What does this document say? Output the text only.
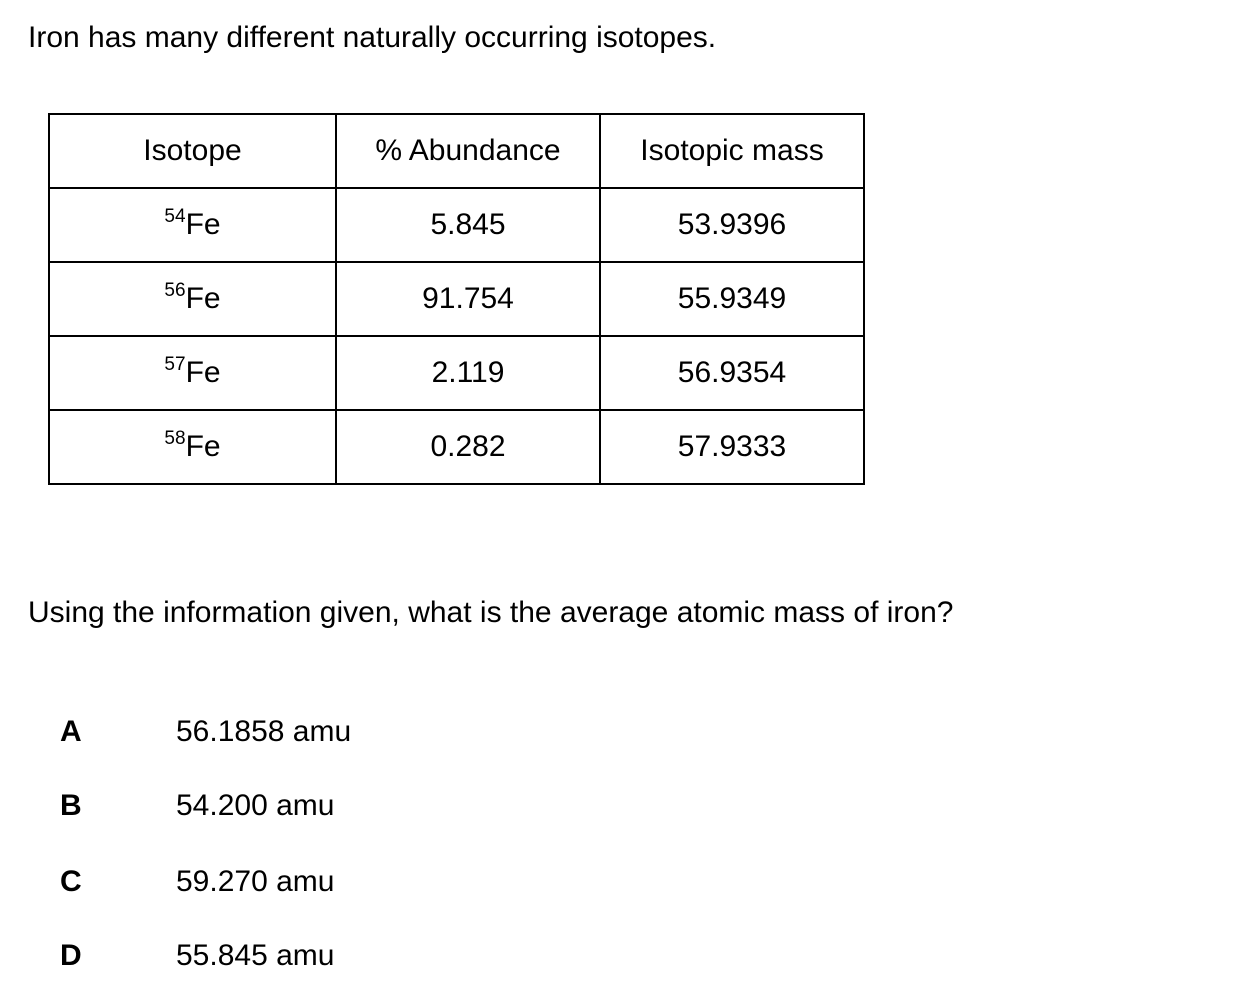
Iron has many different naturally occurring isotopes.

Isotope	% Abundance	Isotopic mass
$^{54}$Fe	5.845	53.9396
$^{56}$Fe	91.754	55.9349
$^{57}$Fe	2.119	56.9354
$^{58}$Fe	0.282	57.9333

Using the information given, what is the average atomic mass of iron?

A	56.1858 amu
B	54.200 amu
C	59.270 amu
D	55.845 amu
